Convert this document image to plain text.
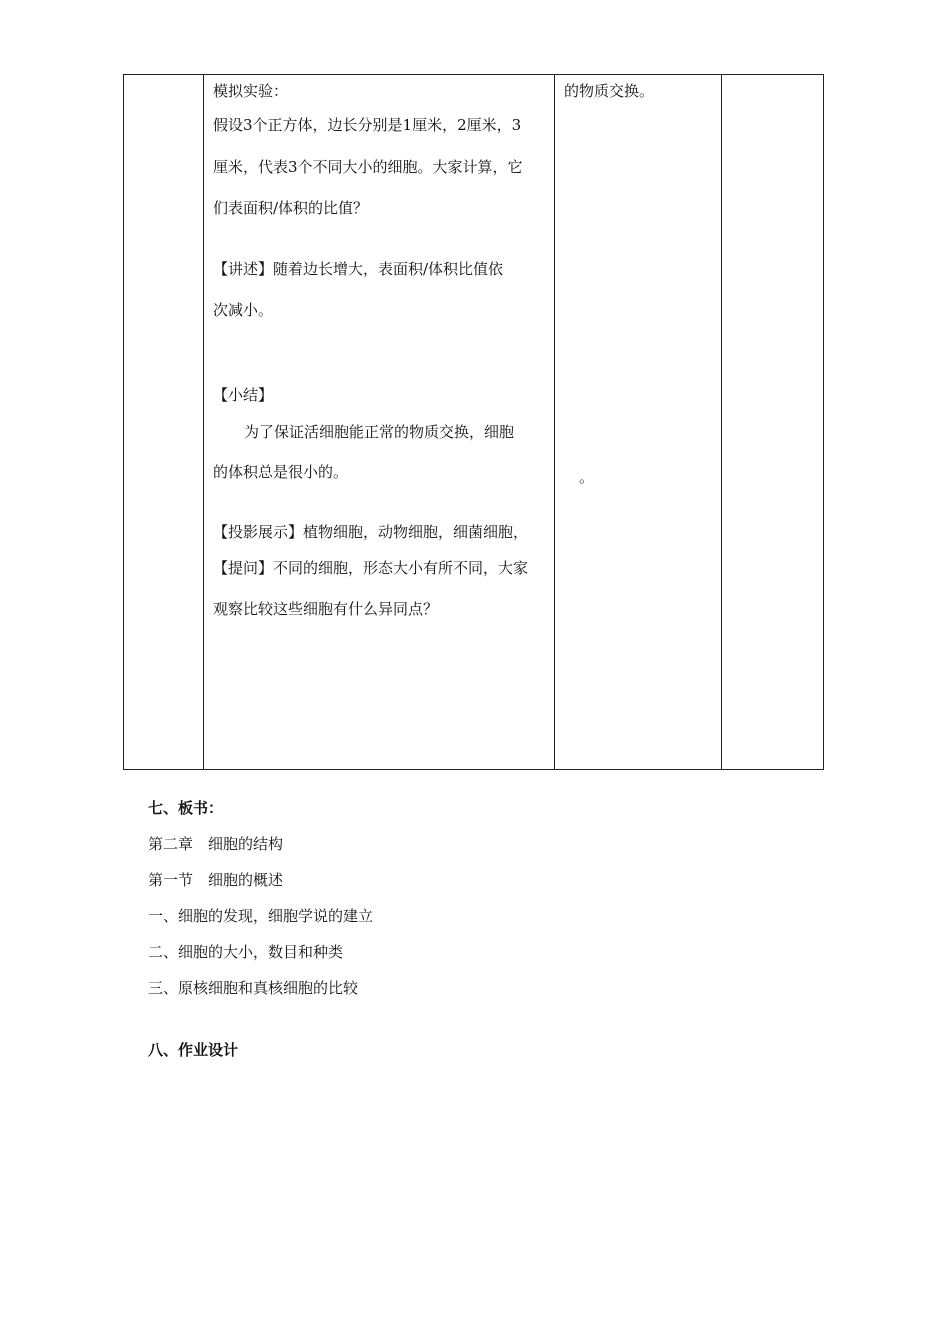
模拟实验：
假设3个正方体，边长分别是1厘米，2厘米，3
厘米，代表3个不同大小的细胞。大家计算，它
们表面积/体积的比值？
【讲述】随着边长增大，表面积/体积比值依
次减小。
【小结】
为了保证活细胞能正常的物质交换，细胞
的体积总是很小的。
【投影展示】植物细胞，动物细胞，细菌细胞，
【提问】不同的细胞，形态大小有所不同，大家
观察比较这些细胞有什么异同点？
的物质交换。
。
七、板书：
第二章　细胞的结构
第一节　细胞的概述
一、细胞的发现，细胞学说的建立
二、细胞的大小，数目和种类
三、原核细胞和真核细胞的比较
八、作业设计
